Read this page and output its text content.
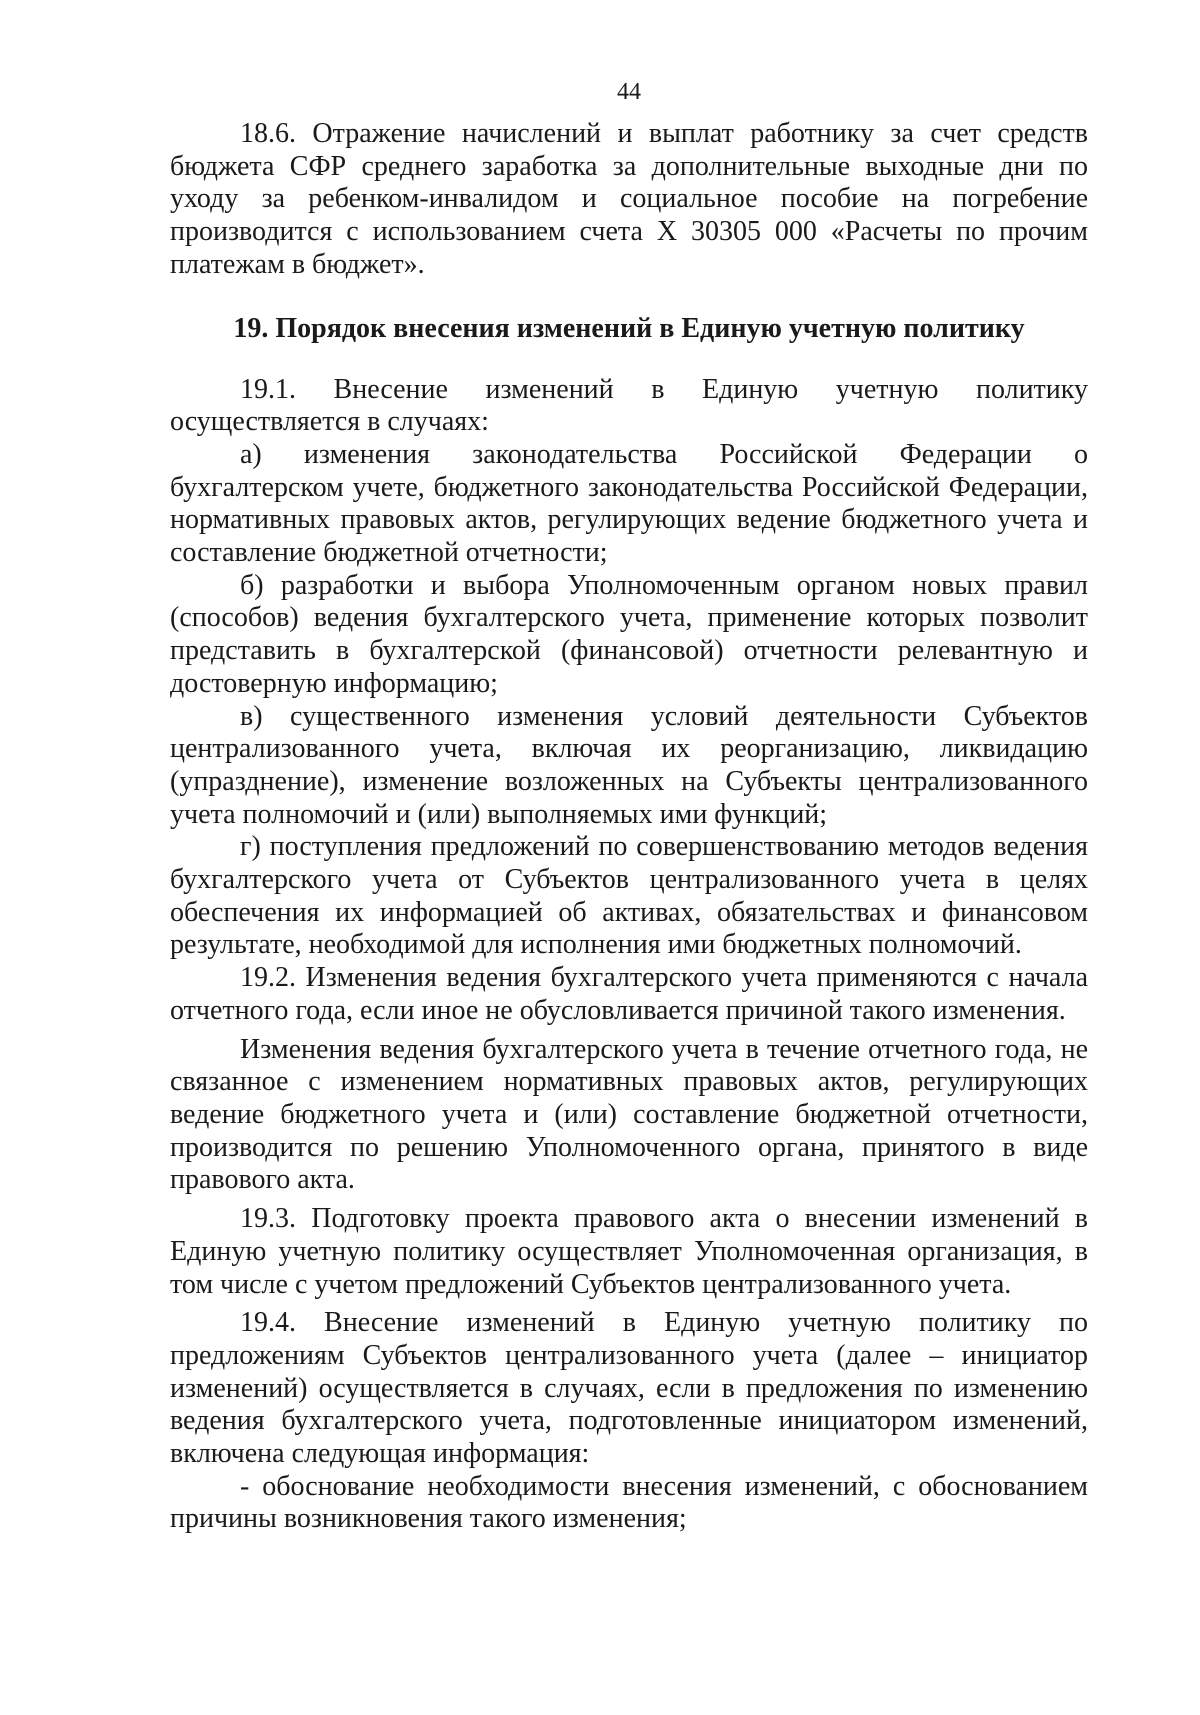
44

18.6. Отражение начислений и выплат работнику за счет средств бюджета СФР среднего заработка за дополнительные выходные дни по уходу за ребенком-инвалидом и социальное пособие на погребение производится с использованием счета Х 30305 000 «Расчеты по прочим платежам в бюджет».

19. Порядок внесения изменений в Единую учетную политику

19.1. Внесение изменений в Единую учетную политику осуществляется в случаях:

а) изменения законодательства Российской Федерации о бухгалтерском учете, бюджетного законодательства Российской Федерации, нормативных правовых актов, регулирующих ведение бюджетного учета и составление бюджетной отчетности;

б) разработки и выбора Уполномоченным органом новых правил (способов) ведения бухгалтерского учета, применение которых позволит представить в бухгалтерской (финансовой) отчетности релевантную и достоверную информацию;

в) существенного изменения условий деятельности Субъектов централизованного учета, включая их реорганизацию, ликвидацию (упразднение), изменение возложенных на Субъекты централизованного учета полномочий и (или) выполняемых ими функций;

г) поступления предложений по совершенствованию методов ведения бухгалтерского учета от Субъектов централизованного учета в целях обеспечения их информацией об активах, обязательствах и финансовом результате, необходимой для исполнения ими бюджетных полномочий.

19.2. Изменения ведения бухгалтерского учета применяются с начала отчетного года, если иное не обусловливается причиной такого изменения.

Изменения ведения бухгалтерского учета в течение отчетного года, не связанное с изменением нормативных правовых актов, регулирующих ведение бюджетного учета и (или) составление бюджетной отчетности, производится по решению Уполномоченного органа, принятого в виде правового акта.

19.3. Подготовку проекта правового акта о внесении изменений в Единую учетную политику осуществляет Уполномоченная организация, в том числе с учетом предложений Субъектов централизованного учета.

19.4. Внесение изменений в Единую учетную политику по предложениям Субъектов централизованного учета (далее – инициатор изменений) осуществляется в случаях, если в предложения по изменению ведения бухгалтерского учета, подготовленные инициатором изменений, включена следующая информация:

- обоснование необходимости внесения изменений, с обоснованием причины возникновения такого изменения;
